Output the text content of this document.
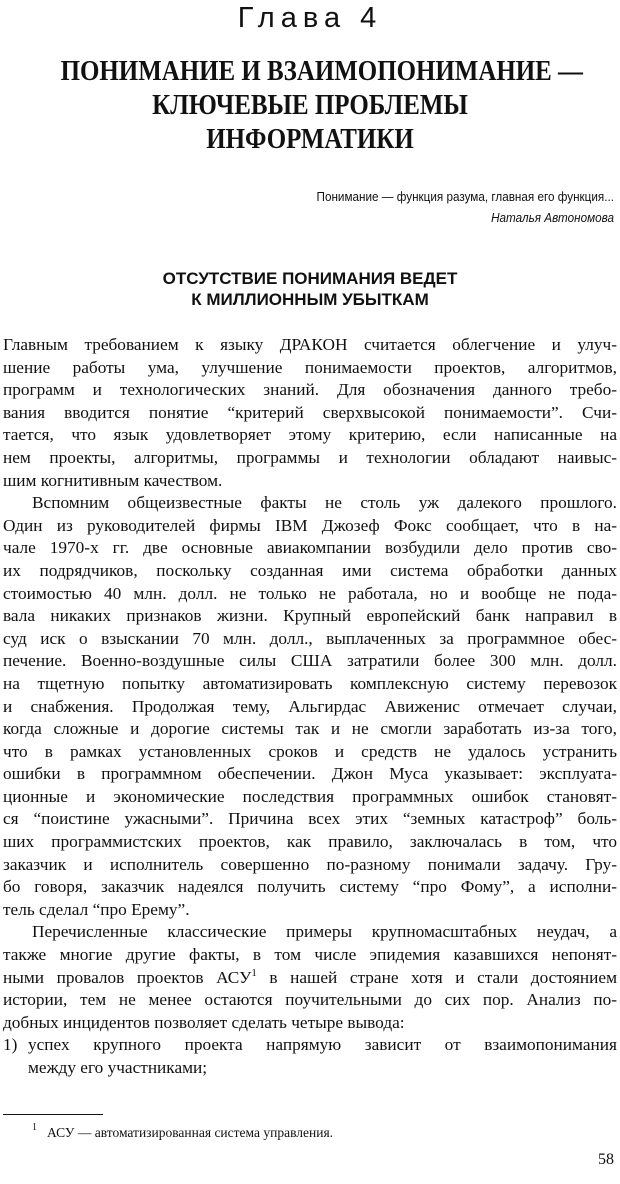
Глава 4
ПОНИМАНИЕ И ВЗАИМОПОНИМАНИЕ —
КЛЮЧЕВЫЕ ПРОБЛЕМЫ
ИНФОРМАТИКИ
Понимание — функция разума, главная его функция...
Наталья Автономова
ОТСУТСТВИЕ ПОНИМАНИЯ ВЕДЕТ
К МИЛЛИОННЫМ УБЫТКАМ
Главным требованием к языку ДРАКОН считается облегчение и улуч-
шение работы ума, улучшение понимаемости проектов, алгоритмов,
программ и технологических знаний. Для обозначения данного требо-
вания вводится понятие “критерий сверхвысокой понимаемости”. Счи-
тается, что язык удовлетворяет этому критерию, если написанные на
нем проекты, алгоритмы, программы и технологии обладают наивыс-
шим когнитивным качеством.
Вспомним общеизвестные факты не столь уж далекого прошлого.
Один из руководителей фирмы IBM Джозеф Фокс сообщает, что в на-
чале 1970-х гг. две основные авиакомпании возбудили дело против сво-
их подрядчиков, поскольку созданная ими система обработки данных
стоимостью 40 млн. долл. не только не работала, но и вообще не пода-
вала никаких признаков жизни. Крупный европейский банк направил в
суд иск о взыскании 70 млн. долл., выплаченных за программное обес-
печение. Военно-воздушные силы США затратили более 300 млн. долл.
на тщетную попытку автоматизировать комплексную систему перевозок
и снабжения. Продолжая тему, Альгирдас Авиженис отмечает случаи,
когда сложные и дорогие системы так и не смогли заработать из-за того,
что в рамках установленных сроков и средств не удалось устранить
ошибки в программном обеспечении. Джон Муса указывает: эксплуата-
ционные и экономические последствия программных ошибок становят-
ся “поистине ужасными”. Причина всех этих “земных катастроф” боль-
ших программистских проектов, как правило, заключалась в том, что
заказчик и исполнитель совершенно по-разному понимали задачу. Гру-
бо говоря, заказчик надеялся получить систему “про Фому”, а исполни-
тель сделал “про Ерему”.
Перечисленные классические примеры крупномасштабных неудач, а
также многие другие факты, в том числе эпидемия казавшихся непонят-
ными провалов проектов АСУ$^1$ в нашей стране хотя и стали достоянием
истории, тем не менее остаются поучительными до сих пор. Анализ по-
добных инцидентов позволяет сделать четыре вывода:
1) успех крупного проекта напрямую зависит от взаимопонимания
между его участниками;
$^1$ АСУ — автоматизированная система управления.
58
